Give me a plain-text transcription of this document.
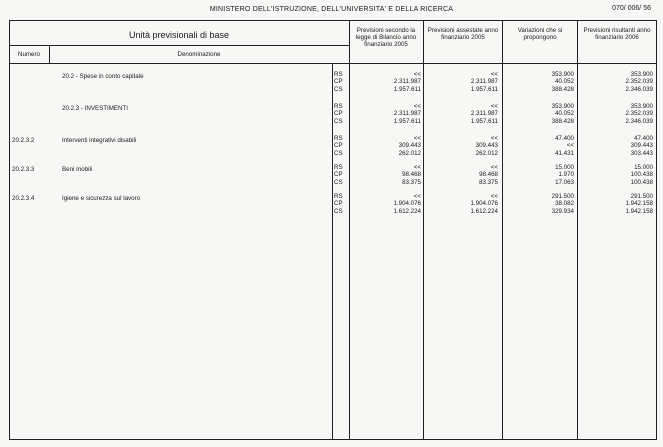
MINISTERO DELL'ISTRUZIONE, DELL'UNIVERSITA' E DELLA RICERCA	070/ 006/ 56
Unità previsionali di base
Numero	Denominazione
Previsioni secondo la legge di Bilancio anno finanziario 2005
Previsioni assestate anno finanziario 2005
Variazioni che si propongono
Previsioni risultanti anno finanziario 2006
20.2 - Spese in conto capitale	RS	<<	<<	353.900	353.900
CP	2.311.987	2.311.987	40.052	2.352.039
CS	1.957.611	1.957.611	388.428	2.346.039
20.2.3 - INVESTIMENTI	RS	<<	<<	353.900	353.900
CP	2.311.987	2.311.987	40.052	2.352.039
CS	1.957.611	1.957.611	388.428	2.346.039
20.2.3.2	Interventi integrativi disabili	RS	<<	<<	47.400	47.400
CP	309.443	309.443	<<	309.443
CS	262.012	262.012	41.431	303.443
20.2.3.3	Beni mobili	RS	<<	<<	15.000	15.000
CP	98.468	98.468	1.970	100.438
CS	83.375	83.375	17.063	100.438
20.2.3.4	Igiene e sicurezza sul lavoro	RS	<<	<<	291.500	291.500
CP	1.904.076	1.904.076	38.082	1.942.158
CS	1.612.224	1.612.224	329.934	1.942.158
